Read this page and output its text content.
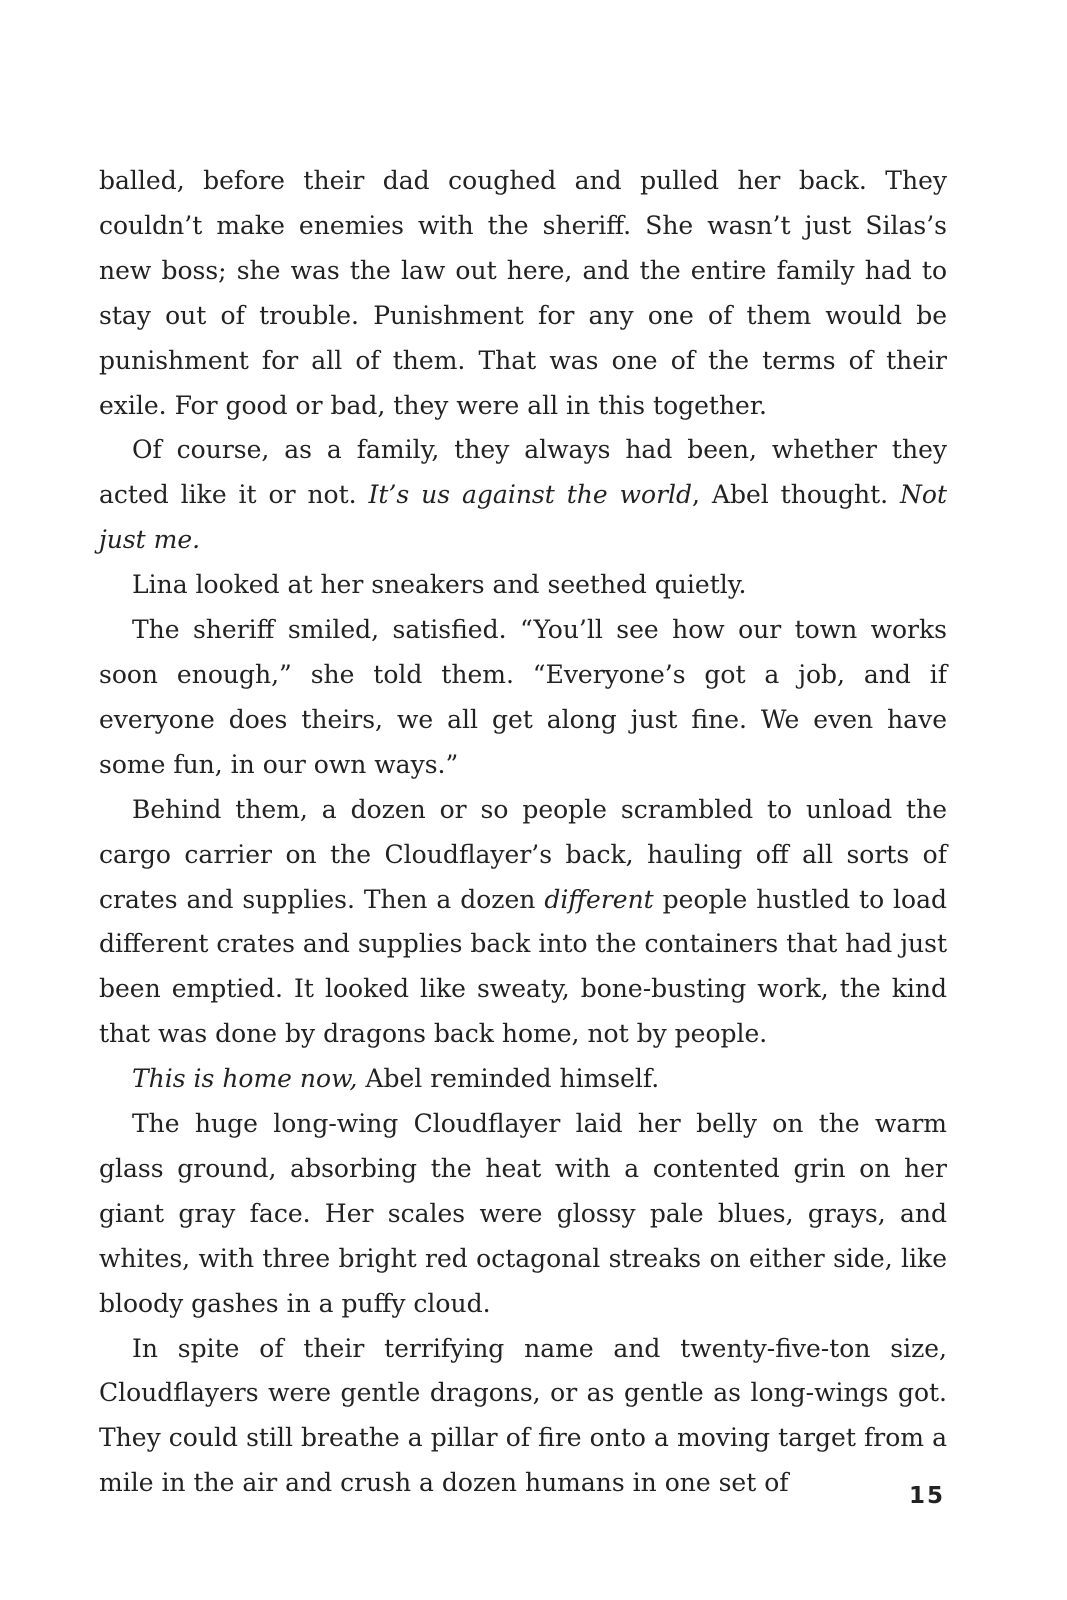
balled, before their dad coughed and pulled her back. They couldn’t make enemies with the sheriff. She wasn’t just Silas’s new boss; she was the law out here, and the entire family had to stay out of trouble. Punishment for any one of them would be punishment for all of them. That was one of the terms of their exile. For good or bad, they were all in this together.

Of course, as a family, they always had been, whether they acted like it or not. It’s us against the world, Abel thought. Not just me.

Lina looked at her sneakers and seethed quietly.

The sheriff smiled, satisfied. “You’ll see how our town works soon enough,” she told them. “Everyone’s got a job, and if everyone does theirs, we all get along just fine. We even have some fun, in our own ways.”

Behind them, a dozen or so people scrambled to unload the cargo carrier on the Cloudflayer’s back, hauling off all sorts of crates and supplies. Then a dozen different people hustled to load different crates and supplies back into the containers that had just been emptied. It looked like sweaty, bone-busting work, the kind that was done by dragons back home, not by people.

This is home now, Abel reminded himself.

The huge long-wing Cloudflayer laid her belly on the warm glass ground, absorbing the heat with a contented grin on her giant gray face. Her scales were glossy pale blues, grays, and whites, with three bright red octagonal streaks on either side, like bloody gashes in a puffy cloud.

In spite of their terrifying name and twenty-five-ton size, Cloudflayers were gentle dragons, or as gentle as long-wings got. They could still breathe a pillar of fire onto a moving target from a mile in the air and crush a dozen humans in one set of	15
